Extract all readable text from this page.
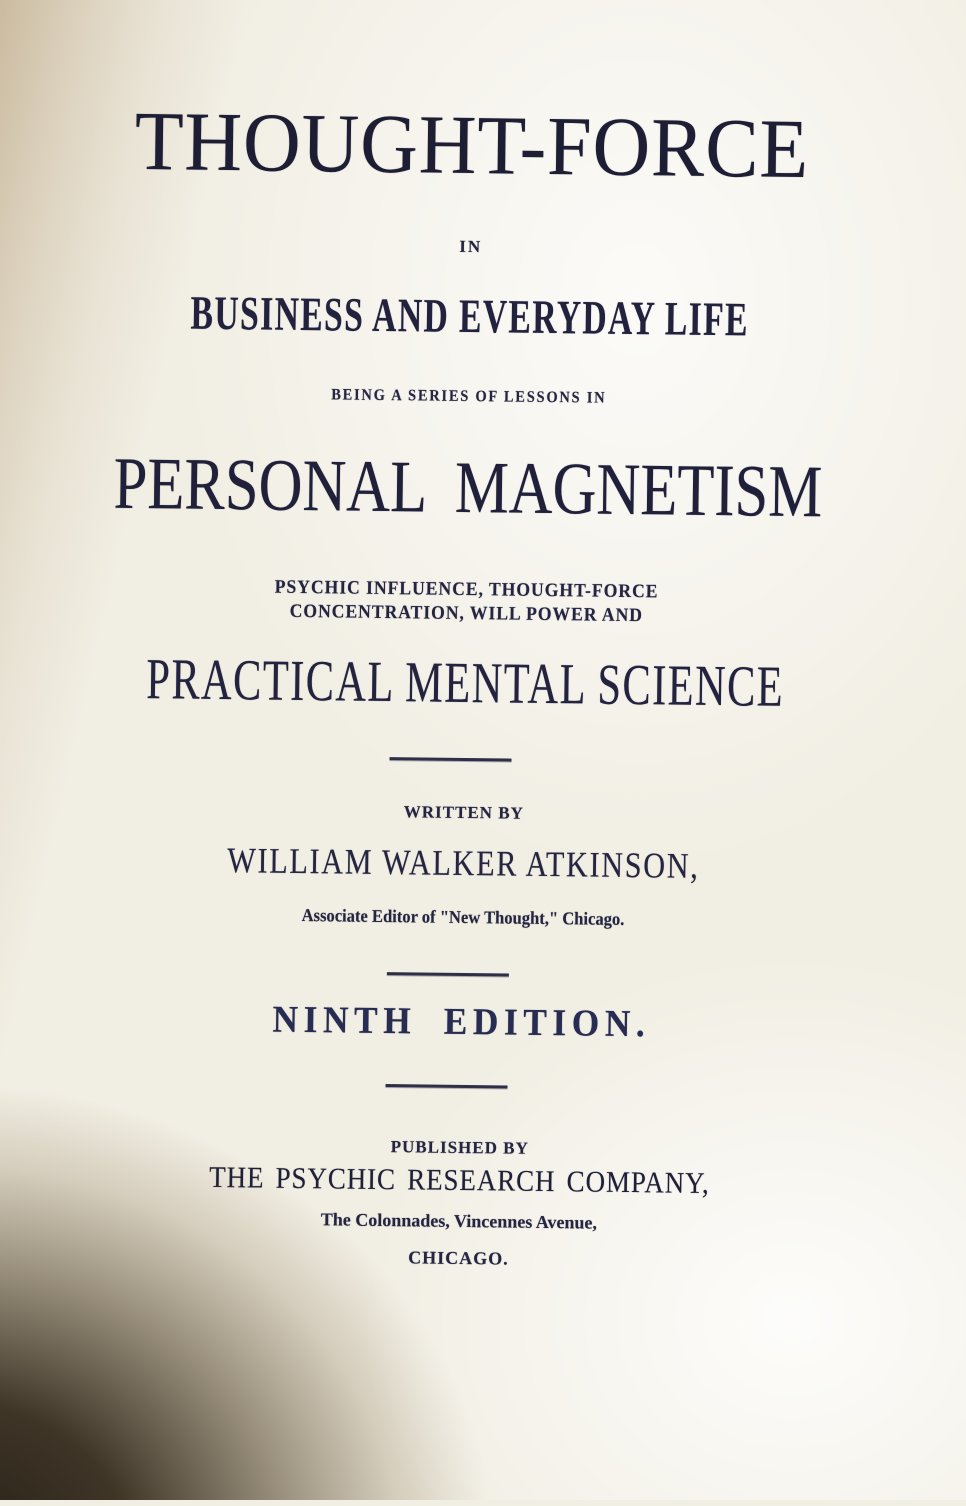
THOUGHT-FORCE
IN
BUSINESS AND EVERYDAY LIFE
BEING A SERIES OF LESSONS IN
PERSONAL MAGNETISM
PSYCHIC INFLUENCE, THOUGHT-FORCE
CONCENTRATION, WILL POWER AND
PRACTICAL MENTAL SCIENCE
WRITTEN BY
WILLIAM WALKER ATKINSON,
Associate Editor of "New Thought," Chicago.
NINTH EDITION.
PUBLISHED BY
THE PSYCHIC RESEARCH COMPANY,
The Colonnades, Vincennes Avenue,
CHICAGO.
